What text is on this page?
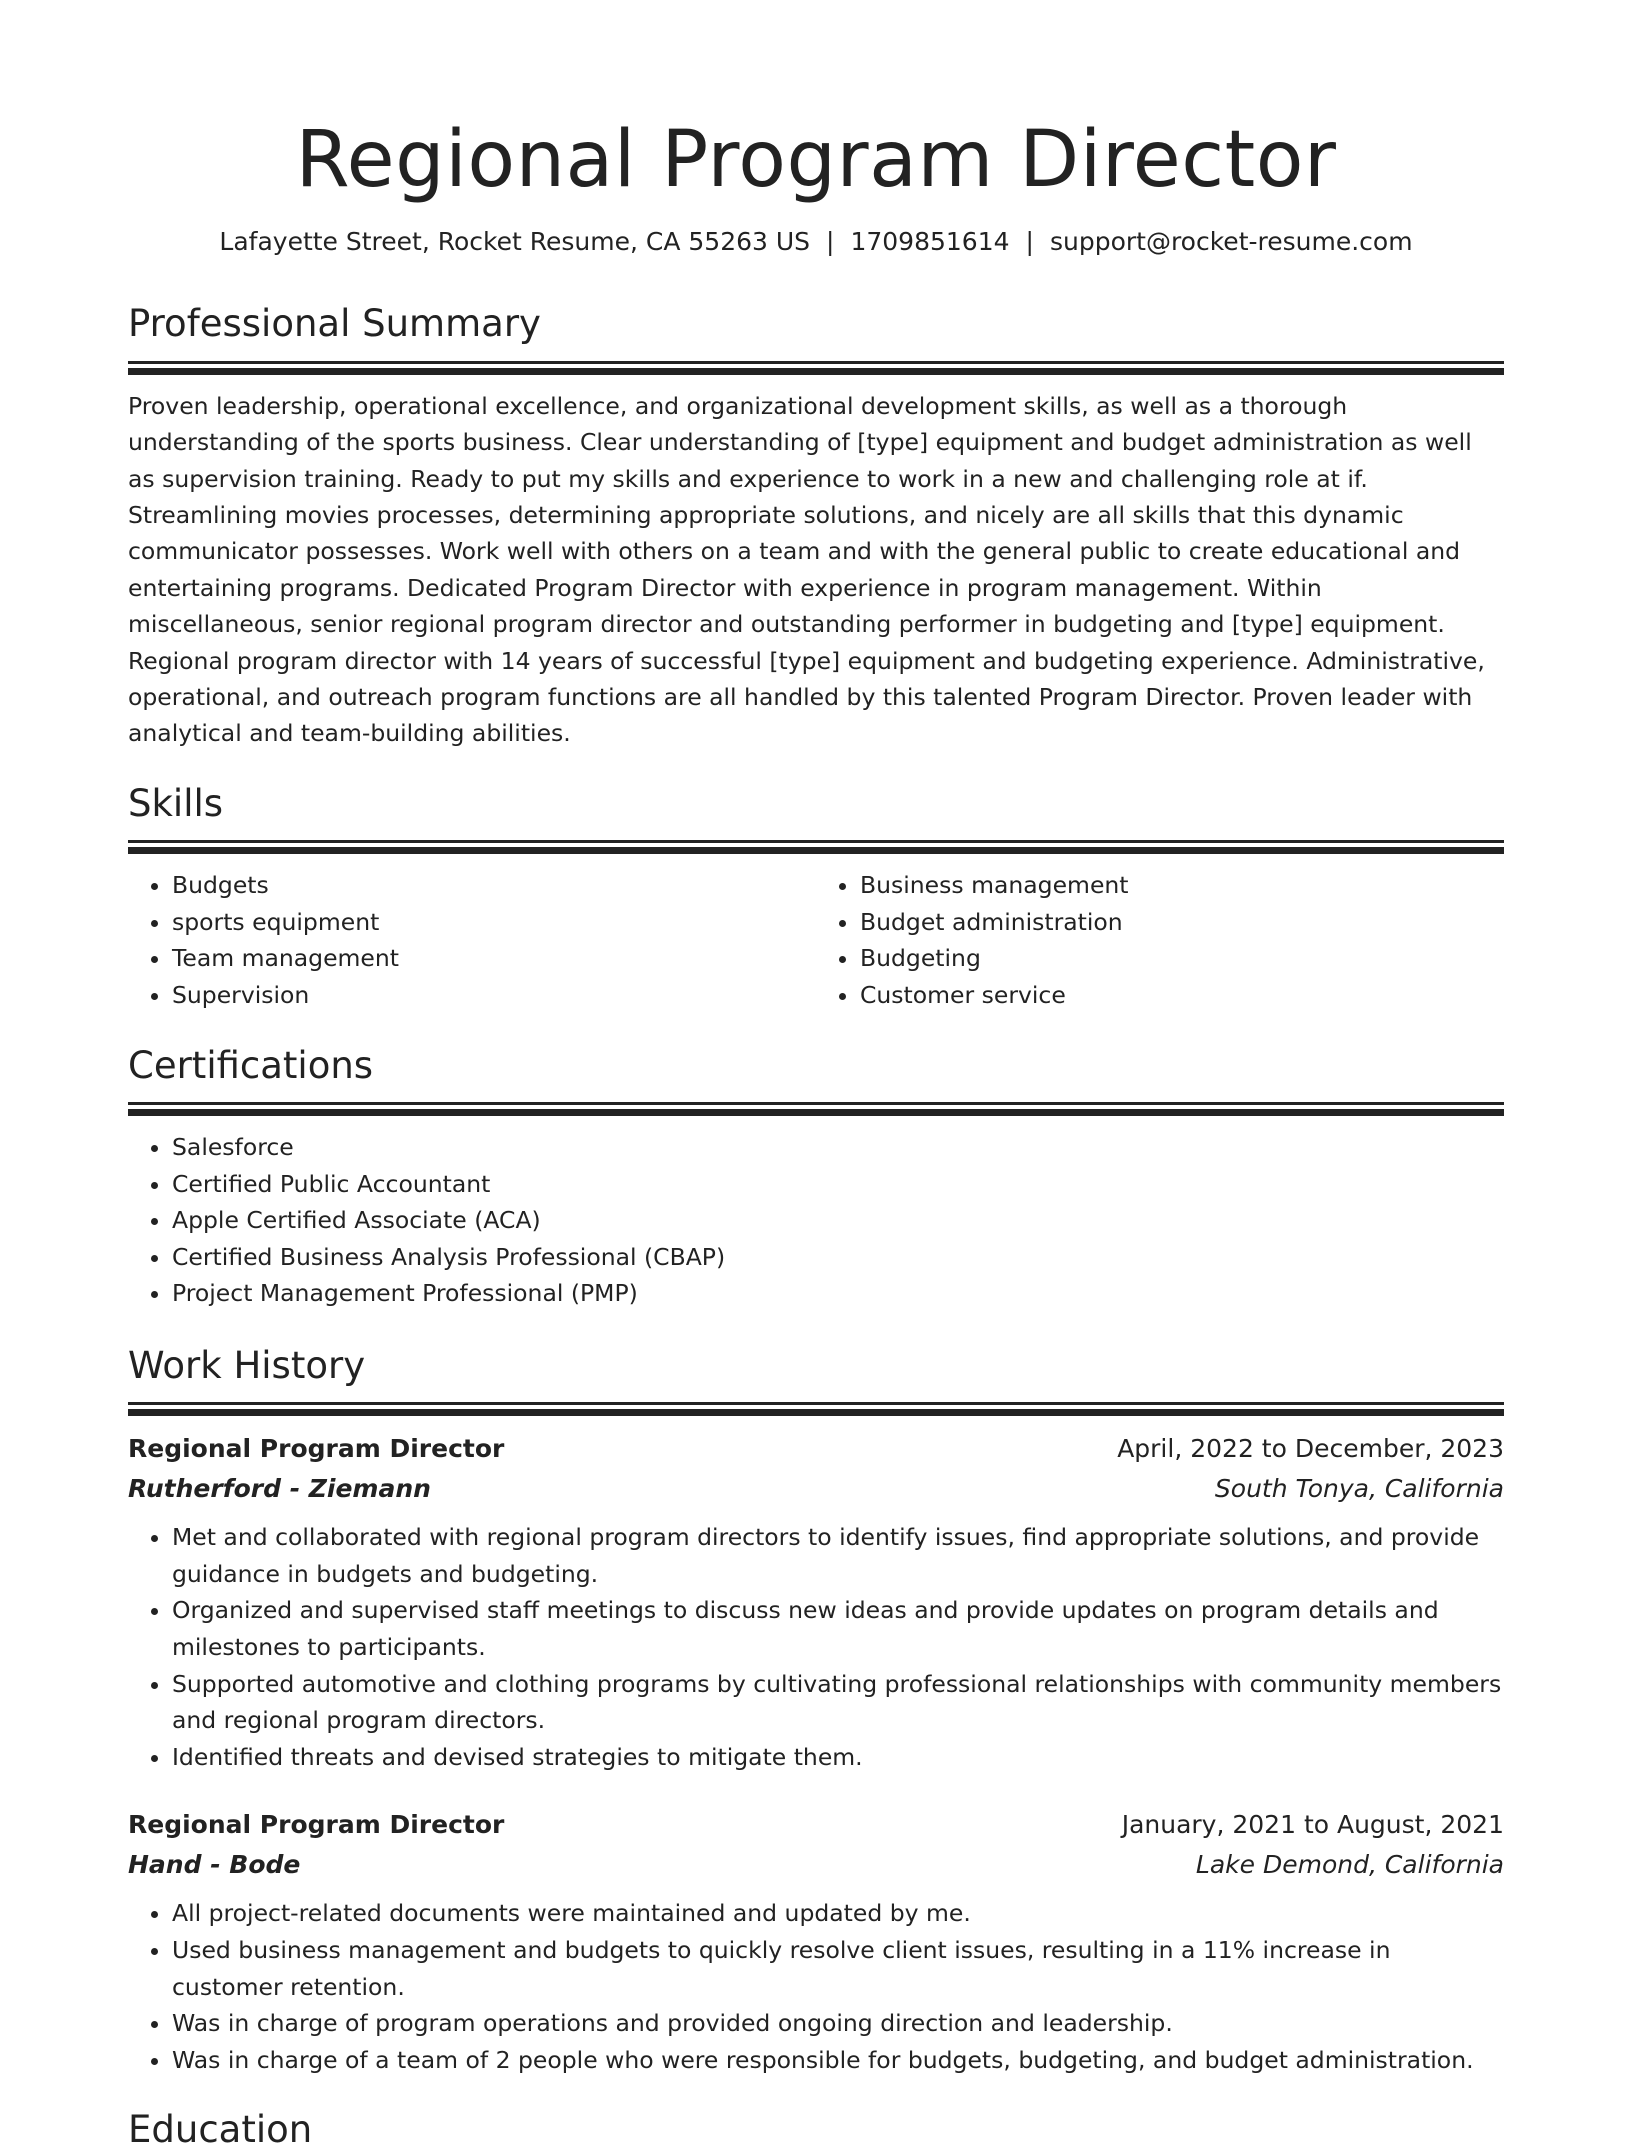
Regional Program Director
Lafayette Street, Rocket Resume, CA 55263 US | 1709851614 | support@rocket-resume.com
Professional Summary

Proven leadership, operational excellence, and organizational development skills, as well as a thorough understanding of the sports business. Clear understanding of [type] equipment and budget administration as well as supervision training. Ready to put my skills and experience to work in a new and challenging role at if. Streamlining movies processes, determining appropriate solutions, and nicely are all skills that this dynamic communicator possesses. Work well with others on a team and with the general public to create educational and entertaining programs. Dedicated Program Director with experience in program management. Within miscellaneous, senior regional program director and outstanding performer in budgeting and [type] equipment. Regional program director with 14 years of successful [type] equipment and budgeting experience. Administrative, operational, and outreach program functions are all handled by this talented Program Director. Proven leader with analytical and team-building abilities.

Skills
• Budgets
• sports equipment
• Team management
• Supervision
• Business management
• Budget administration
• Budgeting
• Customer service
Certifications
• Salesforce
• Certified Public Accountant
• Apple Certified Associate (ACA)
• Certified Business Analysis Professional (CBAP)
• Project Management Professional (PMP)
Work History
Regional Program Director	April, 2022 to December, 2023
Rutherford - Ziemann	South Tonya, California
• Met and collaborated with regional program directors to identify issues, find appropriate solutions, and provide guidance in budgets and budgeting.
• Organized and supervised staff meetings to discuss new ideas and provide updates on program details and milestones to participants.
• Supported automotive and clothing programs by cultivating professional relationships with community members and regional program directors.
• Identified threats and devised strategies to mitigate them.
Regional Program Director	January, 2021 to August, 2021
Hand - Bode	Lake Demond, California
• All project-related documents were maintained and updated by me.
• Used business management and budgets to quickly resolve client issues, resulting in a 11% increase in customer retention.
• Was in charge of program operations and provided ongoing direction and leadership.
• Was in charge of a team of 2 people who were responsible for budgets, budgeting, and budget administration.
Education
